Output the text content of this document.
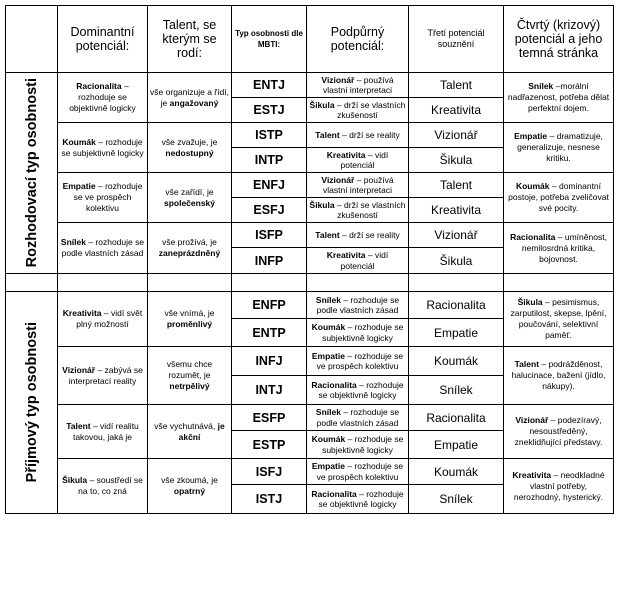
	Dominantní potenciál:	Talent, se kterým se rodí:	Typ osobnosti dle MBTI:	Podpůrný potenciál:	Třetí potenciál souznění	Čtvrtý (krizový) potenciál a jeho temná stránka

Rozhodovací typ osobnosti	Racionalita – rozhoduje se objektivně logicky	vše organizuje a řídí, je angažovaný	ENTJ	Vizionář – používá vlastní interpretaci	Talent	Snílek –morální nadřazenost, potřeba dělat perfektní dojem.
			ESTJ	Šikula – drží se vlastních zkušeností	Kreativita	
	Koumák – rozhoduje se subjektivně logicky	vše zvažuje, je nedostupný	ISTP	Talent – drží se reality	Vizionář	Empatie – dramatizuje, generalizuje, nesnese kritiku.
			INTP	Kreativita – vidí potenciál	Šikula	
	Empatie – rozhoduje se ve prospěch kolektivu	vše zařídí, je společenský	ENFJ	Vizionář – používá vlastní interpretaci	Talent	Koumák – dominantní postoje, potřeba zveličovat své pocity.
			ESFJ	Šikula – drží se vlastních zkušeností	Kreativita	
	Snílek – rozhoduje se podle vlastních zásad	vše prožívá, je zaneprázdněný	ISFP	Talent – drží se reality	Vizionář	Racionalita – umíněnost, nemilosrdná kritika, bojovnost.
			INFP	Kreativita – vidí potenciál	Šikula	

Příjmový typ osobnosti	Kreativita – vidí svět plný možností	vše vnímá, je proměnlivý	ENFP	Snílek – rozhoduje se podle vlastních zásad	Racionalita	Šikula – pesimismus, zarputilost, skepse, lpění, poučování, selektivní paměť.
			ENTP	Koumák – rozhoduje se subjektivně logicky	Empatie	
	Vizionář – zabývá se interpretací reality	všemu chce rozumět, je netrpělivý	INFJ	Empatie – rozhoduje se ve prospěch kolektivu	Koumák	Talent – podrážděnost, halucinace, bažení (jídlo, nákupy).
			INTJ	Racionalita – rozhoduje se objektivně logicky	Snílek	
	Talent – vidí realitu takovou, jaká je	vše vychutnává, je akční	ESFP	Snílek – rozhoduje se podle vlastních zásad	Racionalita	Vizionář – podezíravý, nesoustředěný, zneklidňující představy.
			ESTP	Koumák – rozhoduje se subjektivně logicky	Empatie	
	Šikula – soustředí se na to, co zná	vše zkoumá, je opatrný	ISFJ	Empatie – rozhoduje se ve prospěch kolektivu	Koumák	Kreativita – neodkladné vlastní potřeby, nerozhodný, hysterický.
			ISTJ	Racionalita – rozhoduje se objektivně logicky	Snílek	
